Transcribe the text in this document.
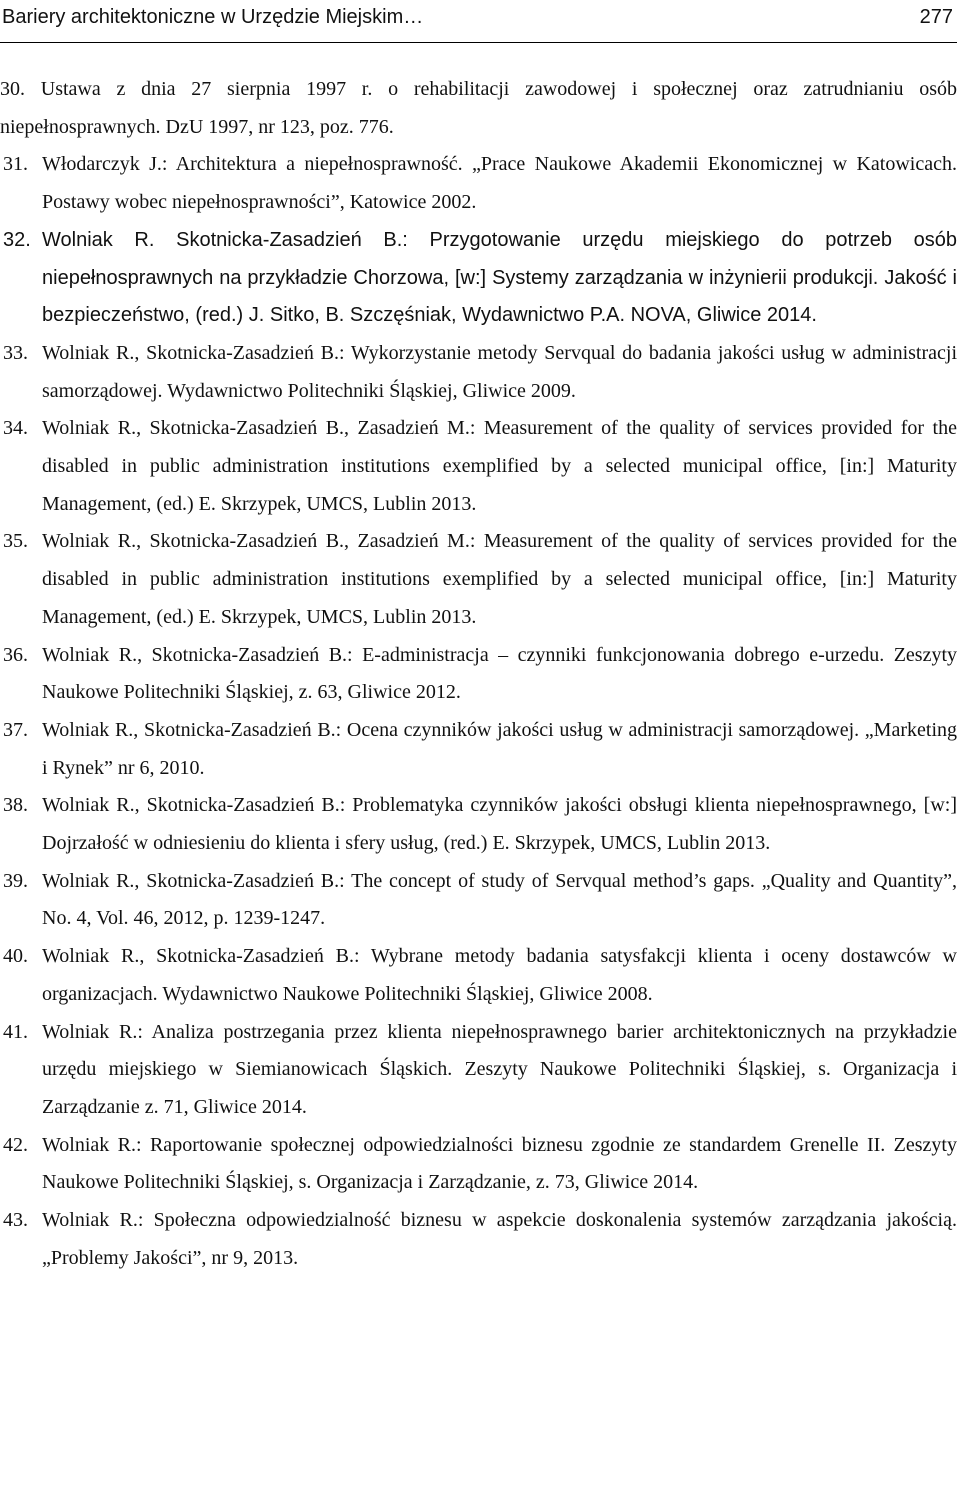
Bariery architektoniczne w Urzędzie Miejskim…	277
30. Ustawa z dnia 27 sierpnia 1997 r. o rehabilitacji zawodowej i społecznej oraz zatrudnianiu osób niepełnosprawnych. DzU 1997, nr 123, poz. 776.
31. Włodarczyk J.: Architektura a niepełnosprawność. „Prace Naukowe Akademii Ekonomicznej w Katowicach. Postawy wobec niepełnosprawności”, Katowice 2002.
32. Wolniak R. Skotnicka-Zasadzień B.: Przygotowanie urzędu miejskiego do potrzeb osób niepełnosprawnych na przykładzie Chorzowa, [w:] Systemy zarządzania w inżynierii produkcji. Jakość i bezpieczeństwo, (red.) J. Sitko, B. Szczęśniak, Wydawnictwo P.A. NOVA, Gliwice 2014.
33. Wolniak R., Skotnicka-Zasadzień B.: Wykorzystanie metody Servqual do badania jakości usług w administracji samorządowej. Wydawnictwo Politechniki Śląskiej, Gliwice 2009.
34. Wolniak R., Skotnicka-Zasadzień B., Zasadzień M.: Measurement of the quality of services provided for the disabled in public administration institutions exemplified by a selected municipal office, [in:] Maturity Management, (ed.) E. Skrzypek, UMCS, Lublin 2013.
35. Wolniak R., Skotnicka-Zasadzień B., Zasadzień M.: Measurement of the quality of services provided for the disabled in public administration institutions exemplified by a selected municipal office, [in:] Maturity Management, (ed.) E. Skrzypek, UMCS, Lublin 2013.
36. Wolniak R., Skotnicka-Zasadzień B.: E-administracja – czynniki funkcjonowania dobrego e-urzedu. Zeszyty Naukowe Politechniki Śląskiej, z. 63, Gliwice 2012.
37. Wolniak R., Skotnicka-Zasadzień B.: Ocena czynników jakości usług w administracji samorządowej. „Marketing i Rynek” nr 6, 2010.
38. Wolniak R., Skotnicka-Zasadzień B.: Problematyka czynników jakości obsługi klienta niepełnosprawnego, [w:] Dojrzałość w odniesieniu do klienta i sfery usług, (red.) E. Skrzypek, UMCS, Lublin 2013.
39. Wolniak R., Skotnicka-Zasadzień B.: The concept of study of Servqual method’s gaps. „Quality and Quantity”, No. 4, Vol. 46, 2012, p. 1239-1247.
40. Wolniak R., Skotnicka-Zasadzień B.: Wybrane metody badania satysfakcji klienta i oceny dostawców w organizacjach. Wydawnictwo Naukowe Politechniki Śląskiej, Gliwice 2008.
41. Wolniak R.: Analiza postrzegania przez klienta niepełnosprawnego barier architektonicznych na przykładzie urzędu miejskiego w Siemianowicach Śląskich. Zeszyty Naukowe Politechniki Śląskiej, s. Organizacja i Zarządzanie z. 71, Gliwice 2014.
42. Wolniak R.: Raportowanie społecznej odpowiedzialności biznesu zgodnie ze standardem Grenelle II. Zeszyty Naukowe Politechniki Śląskiej, s. Organizacja i Zarządzanie, z. 73, Gliwice 2014.
43. Wolniak R.: Społeczna odpowiedzialność biznesu w aspekcie doskonalenia systemów zarządzania jakością. „Problemy Jakości”, nr 9, 2013.
